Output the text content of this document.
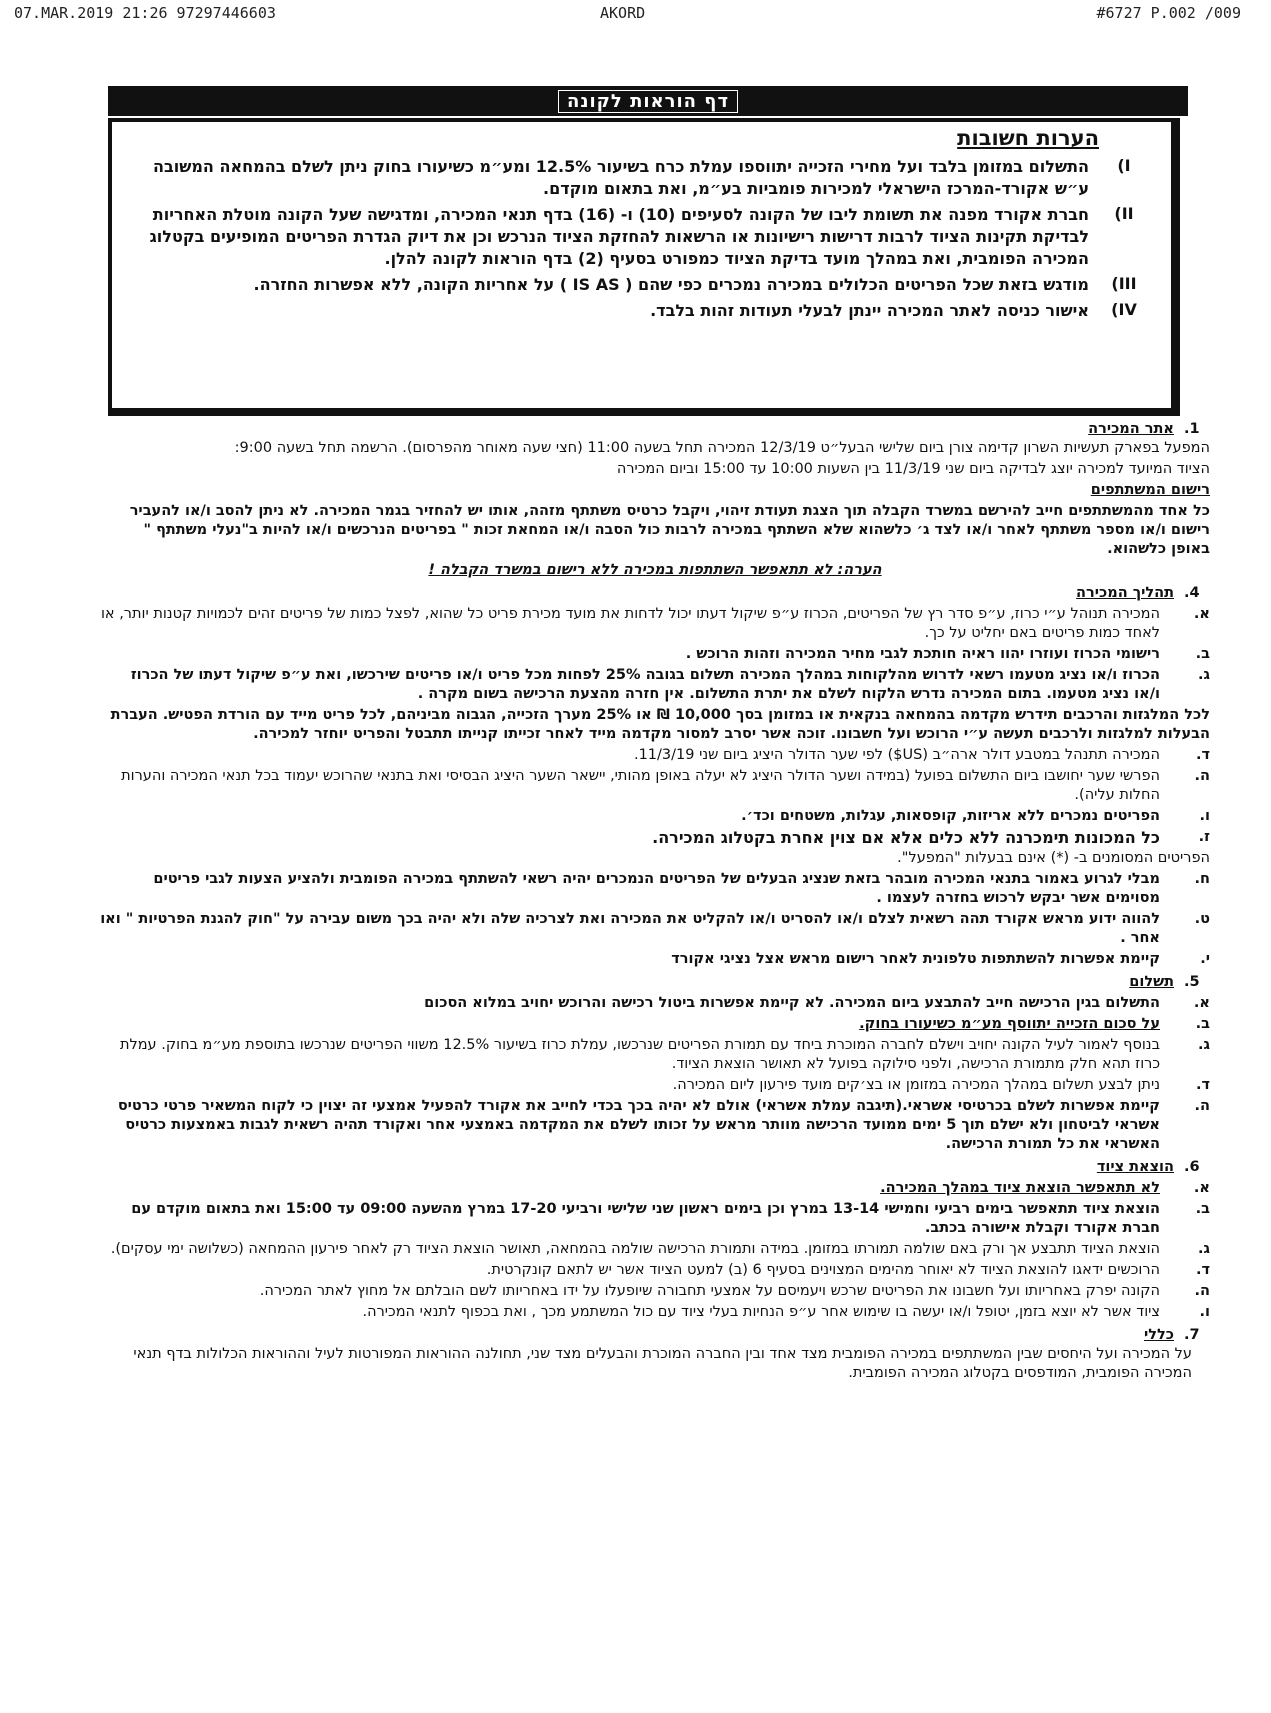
07.MAR.2019 21:26 97297446603	AKORD	#6727 P.002 /009
דף הוראות לקונה
הערות חשובות
I)
התשלום במזומן בלבד ועל מחירי הזכייה יתווספו עמלת כרח בשיעור 12.5% ומע״מ כשיעורו בחוק ניתן לשלם בהמחאה המשובה ע״ש אקורד-המרכז הישראלי למכירות פומביות בע״מ, ואת בתאום מוקדם.
II)
חברת אקורד מפנה את תשומת ליבו של הקונה לסעיפים (10) ו- (16) בדף תנאי המכירה, ומדגישה שעל הקונה מוטלת האחריות לבדיקת תקינות הציוד לרבות דרישות רישיונות או הרשאות להחזקת הציוד הנרכש וכן את דיוק הגדרת הפריטים המופיעים בקטלוג המכירה הפומבית, ואת במהלך מועד בדיקת הציוד כמפורט בסעיף (2) בדף הוראות לקונה להלן.
III)
מודגש בזאת שכל הפריטים הכלולים במכירה נמכרים כפי שהם ( IS AS ) על אחריות הקונה, ללא אפשרות החזרה.
IV)
אישור כניסה לאתר המכירה יינתן לבעלי תעודות זהות בלבד.
1.
אתר המכירה

המפעל בפארק תעשיות השרון קדימה צורן ביום שלישי הבעל״ט 12/3/19 המכירה תחל בשעה 11:00 (חצי שעה מאוחר מהפרסום). הרשמה תחל בשעה 9:00:

הציוד המיועד למכירה יוצג לבדיקה ביום שני 11/3/19 בין השעות 10:00 עד 15:00 וביום המכירה

רישום המשתתפים

כל אחד מהמשתתפים חייב להירשם במשרד הקבלה תוך הצגת תעודת זיהוי, ויקבל כרטיס משתתף מזהה, אותו יש להחזיר בגמר המכירה. לא ניתן להסב ו/או להעביר רישום ו/או מספר משתתף לאחר ו/או לצד ג׳ כלשהוא שלא השתתף במכירה לרבות כול הסבה ו/או המחאת זכות " בפריטים הנרכשים ו/או להיות ב"נעלי משתתף " באופן כלשהוא.

הערה: לא תתאפשר השתתפות במכירה ללא רישום במשרד הקבלה !

4.
תהליך המכירה
א.
המכירה תנוהל ע״י כרוז, ע״פ סדר רץ של הפריטים, הכרוז ע״פ שיקול דעתו יכול לדחות את מועד מכירת פריט כל שהוא, לפצל כמות של פריטים זהים לכמויות קטנות יותר, או לאחד כמות פריטים באם יחליט על כך.
ב.
רישומי הכרוז ועוזרו יהוו ראיה חותכת לגבי מחיר המכירה וזהות הרוכש .
ג.
הכרוז ו/או נציג מטעמו רשאי לדרוש מהלקוחות במהלך המכירה תשלום בגובה 25% לפחות מכל פריט ו/או פריטים שירכשו, ואת ע״פ שיקול דעתו של הכרוז ו/או נציג מטעמו. בתום המכירה נדרש הלקוח לשלם את יתרת התשלום. אין חזרה מהצעת הרכישה בשום מקרה .

לכל המלגזות והרכבים תידרש מקדמה בהמחאה בנקאית או במזומן בסך 10,000 ₪ או 25% מערך הזכייה, הגבוה מביניהם, לכל פריט מייד עם הורדת הפטיש. העברת הבעלות למלגזות ולרכבים תעשה ע״י הרוכש ועל חשבונו. זוכה אשר יסרב למסור מקדמה מייד לאחר זכייתו קנייתו תתבטל והפריט יוחזר למכירה.

ד.
המכירה תתנהל במטבע דולר ארה״ב (US$) לפי שער הדולר היציג ביום שני 11/3/19.
ה.
הפרשי שער יחושבו ביום התשלום בפועל (במידה ושער הדולר היציג לא יעלה באופן מהותי, יישאר השער היציג הבסיסי ואת בתנאי שהרוכש יעמוד בכל תנאי המכירה והערות החלות עליה).
ו.
הפריטים נמכרים ללא אריזות, קופסאות, עגלות, משטחים וכד׳.
ז.
כל המכונות תימכרנה ללא כלים אלא אם צוין אחרת בקטלוג המכירה.

הפריטים המסומנים ב- (*) אינם בבעלות "המפעל".

ח.
מבלי לגרוע באמור בתנאי המכירה מובהר בזאת שנציג הבעלים של הפריטים הנמכרים יהיה רשאי להשתתף במכירה הפומבית ולהציע הצעות לגבי פריטים מסוימים אשר יבקש לרכוש בחזרה לעצמו .
ט.
להווה ידוע מראש אקורד תהה רשאית לצלם ו/או להסריט ו/או להקליט את המכירה ואת לצרכיה שלה ולא יהיה בכך משום עבירה על "חוק להגנת הפרטיות " ואו אחר .
י.
קיימת אפשרות להשתתפות טלפונית לאחר רישום מראש אצל נציגי אקורד
5.
תשלום
א.
התשלום בגין הרכישה חייב להתבצע ביום המכירה. לא קיימת אפשרות ביטול רכישה והרוכש יחויב במלוא הסכום
ב.
על סכום הזכייה יתווסף מע״מ כשיעורו בחוק.
ג.
בנוסף לאמור לעיל הקונה יחויב וישלם לחברה המוכרת ביחד עם תמורת הפריטים שנרכשו, עמלת כרוז בשיעור 12.5% משווי הפריטים שנרכשו בתוספת מע״מ בחוק. עמלת כרוז תהא חלק מתמורת הרכישה, ולפני סילוקה בפועל לא תאושר הוצאת הציוד.
ד.
ניתן לבצע תשלום במהלך המכירה במזומן או בצ׳קים מועד פירעון ליום המכירה.
ה.
קיימת אפשרות לשלם בכרטיסי אשראי.(תיגבה עמלת אשראי) אולם לא יהיה בכך בכדי לחייב את אקורד להפעיל אמצעי זה יצוין כי לקוח המשאיר פרטי כרטיס אשראי לביטחון ולא ישלם תוך 5 ימים ממועד הרכישה מוותר מראש על זכותו לשלם את המקדמה באמצעי אחר ואקורד תהיה רשאית לגבות באמצעות כרטיס האשראי את כל תמורת הרכישה.
6.
הוצאת ציוד
א.
לא תתאפשר הוצאת ציוד במהלך המכירה.
ב.
הוצאת ציוד תתאפשר בימים רביעי וחמישי 13-14 במרץ וכן בימים ראשון שני שלישי ורביעי 17-20 במרץ מהשעה 09:00 עד 15:00 ואת בתאום מוקדם עם חברת אקורד וקבלת אישורה בכתב.
ג.
הוצאת הציוד תתבצע אך ורק באם שולמה תמורתו במזומן. במידה ותמורת הרכישה שולמה בהמחאה, תאושר הוצאת הציוד רק לאחר פירעון ההמחאה (כשלושה ימי עסקים).
ד.
הרוכשים ידאגו להוצאת הציוד לא יאוחר מהימים המצוינים בסעיף 6 (ב) למעט הציוד אשר יש לתאם קונקרטית.
ה.
הקונה יפרק באחריותו ועל חשבונו את הפריטים שרכש ויעמיסם על אמצעי תחבורה שיופעלו על ידו באחריותו לשם הובלתם אל מחוץ לאתר המכירה.
ו.
ציוד אשר לא יוצא בזמן, יטופל ו/או יעשה בו שימוש אחר ע״פ הנחיות בעלי ציוד עם כול המשתמע מכך , ואת בכפוף לתנאי המכירה.
7.
כללי

על המכירה ועל היחסים שבין המשתתפים במכירה הפומבית מצד אחד ובין החברה המוכרת והבעלים מצד שני, תחולנה ההוראות המפורטות לעיל וההוראות הכלולות בדף תנאי המכירה הפומבית, המודפסים בקטלוג המכירה הפומבית.
